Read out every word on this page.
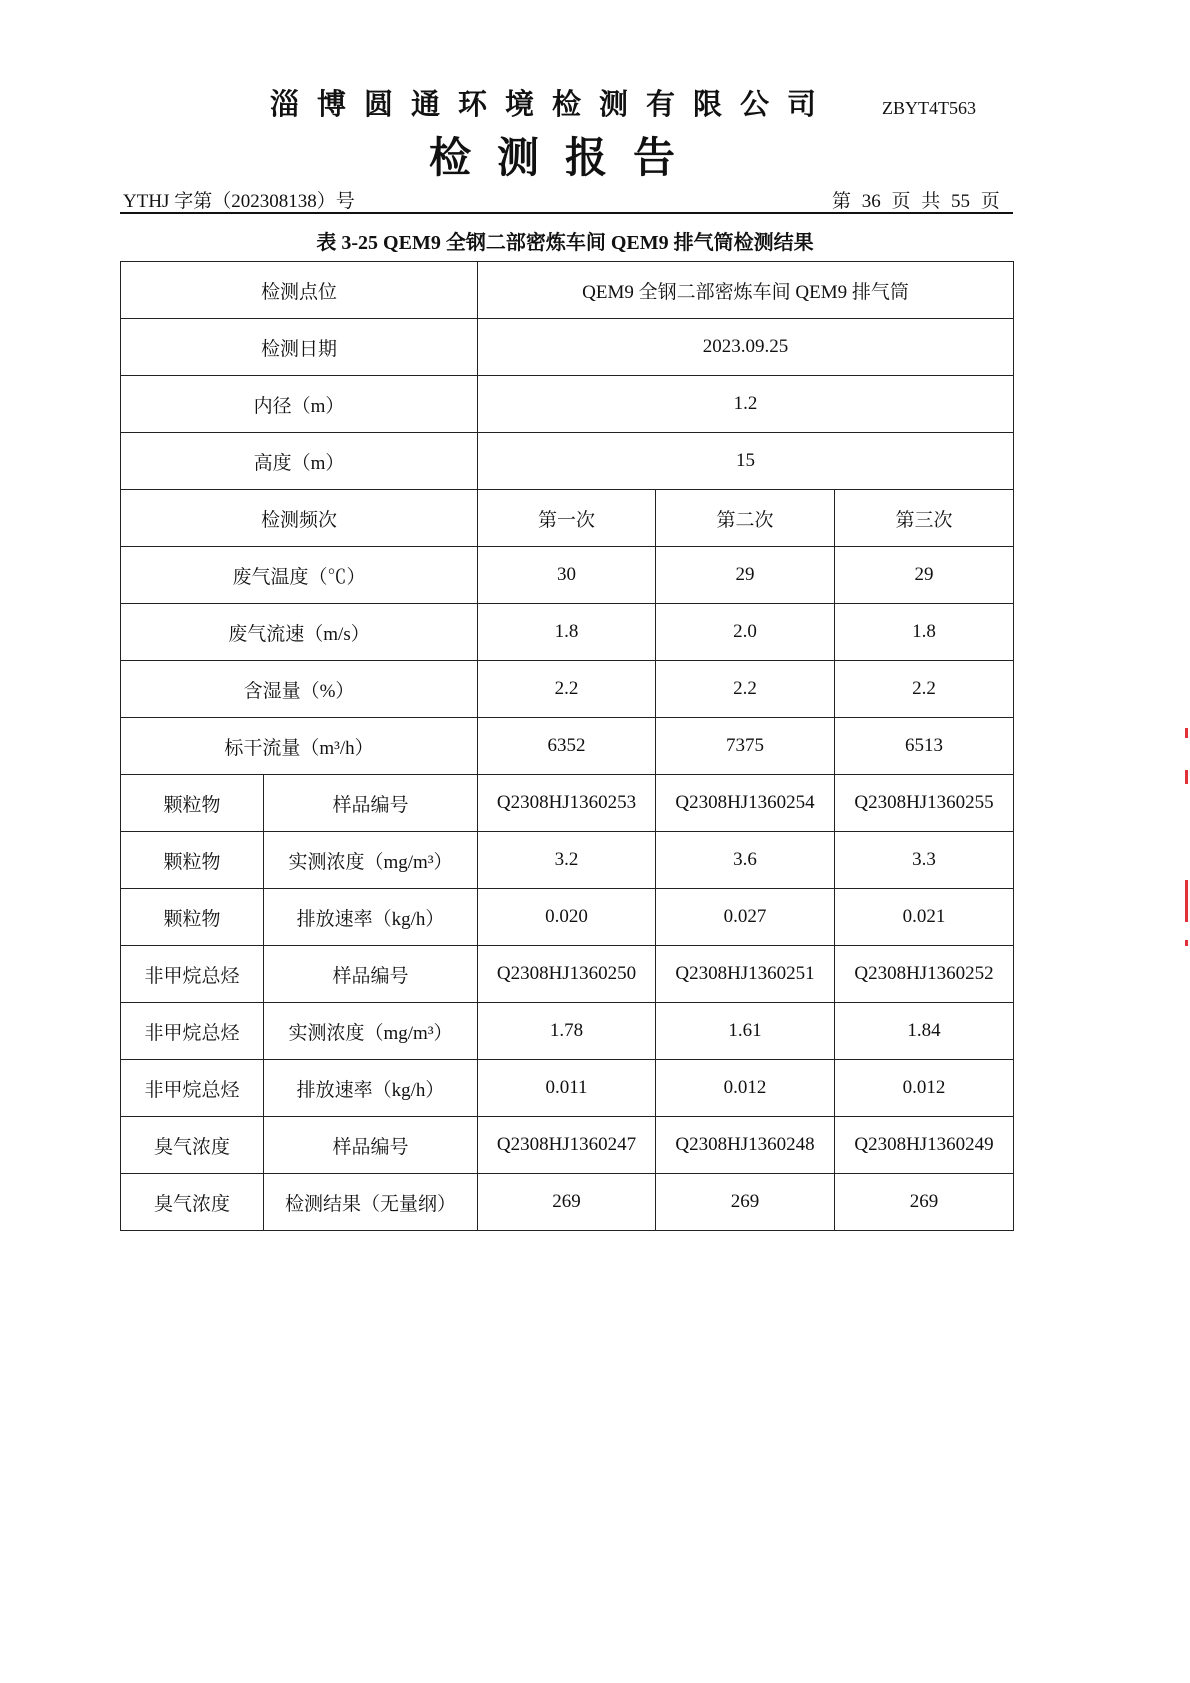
淄博圆通环境检测有限公司	ZBYT4T563
检测报告
YTHJ 字第（202308138）号	第 36 页 共 55 页
表 3-25 QEM9 全钢二部密炼车间 QEM9 排气筒检测结果
检测点位		QEM9 全钢二部密炼车间 QEM9 排气筒		
检测日期		2023.09.25		
内径（m）		1.2		
高度（m）		15		
检测频次		第一次	第二次	第三次
废气温度（℃）		30	29	29
废气流速（m/s）		1.8	2.0	1.8
含湿量（%）		2.2	2.2	2.2
标干流量（m³/h）		6352	7375	6513
颗粒物	样品编号	Q2308HJ1360253	Q2308HJ1360254	Q2308HJ1360255
颗粒物	实测浓度（mg/m³）	3.2	3.6	3.3
颗粒物	排放速率（kg/h）	0.020	0.027	0.021
非甲烷总烃	样品编号	Q2308HJ1360250	Q2308HJ1360251	Q2308HJ1360252
非甲烷总烃	实测浓度（mg/m³）	1.78	1.61	1.84
非甲烷总烃	排放速率（kg/h）	0.011	0.012	0.012
臭气浓度	样品编号	Q2308HJ1360247	Q2308HJ1360248	Q2308HJ1360249
臭气浓度	检测结果（无量纲）	269	269	269
